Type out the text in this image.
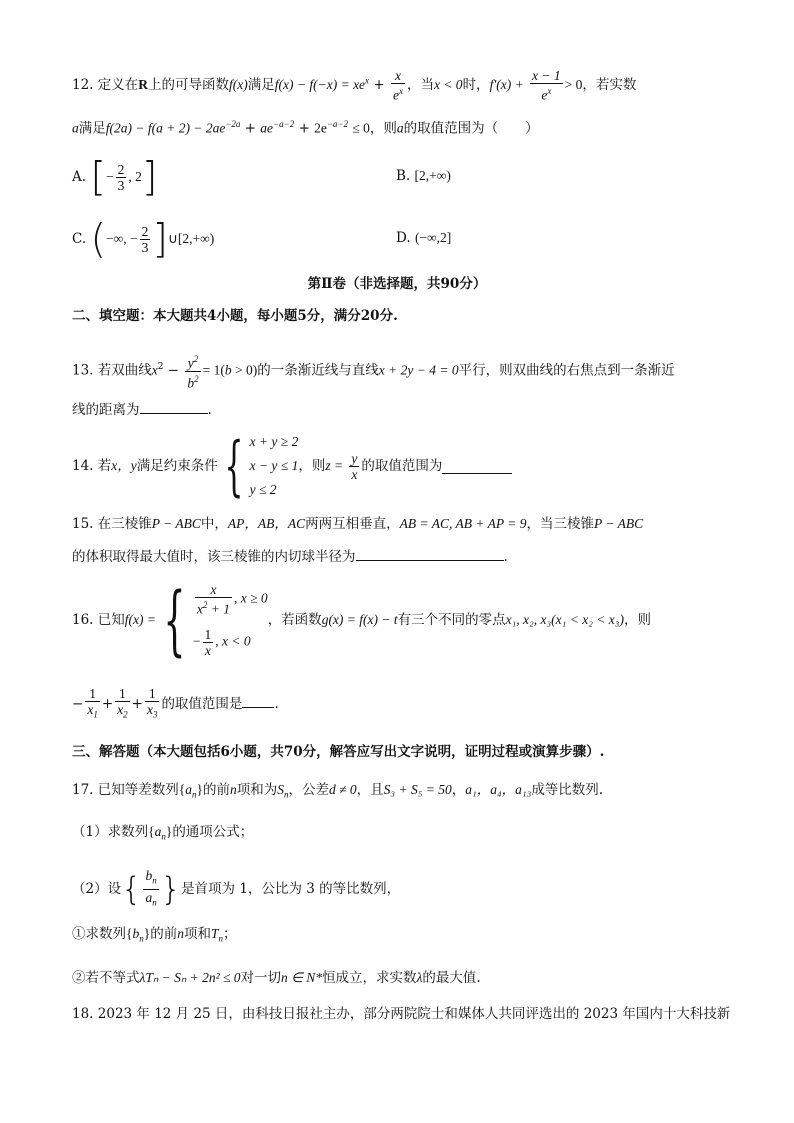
12. 定义在R上的可导函数f(x)满足$f(x) - f(-x) = xe^x + \frac{x}{e^x}$ ，当x < 0时，$f'(x) + \frac{x - 1}{e^x} > 0$，若实数
a满足$f(2a) - f(a + 2) - 2ae^{-2a} + ae^{-a-2} + 2e^{-a-2} \le 0$，则a的取值范围为（　　）
A. [− $\frac{2}{3}$ , 2]	B. [2,+∞)
C. (−∞, − $\frac{2}{3}$ ]∪[2,+∞)	D. (−∞,2]
第Ⅱ卷（非选择题，共90分）
二、填空题：本大题共4小题，每小题5分，满分20分.
13. 若双曲线$x^2 - \frac{y^2}{b^2} = 1(b > 0)$的一条渐近线与直线x + 2y − 4 = 0平行，则双曲线的右焦点到一条渐近
线的距离为	.
14. 若x，y满足约束条件 { x + y ≥ 2
x − y ≤ 1
y ≤ 2
，则$z = \frac{y}{x}$ 的取值范围为
15. 在三棱锥P − ABC中，AP，AB，AC两两互相垂直，AB = AC, AB + AP = 9，当三棱锥P − ABC
的体积取得最大值时，该三棱锥的内切球半径为	.
16. 已知f(x) = { $\frac{x}{x^2 + 1}$ , x ≥ 0
− $\frac{1}{x}$ , x < 0
，若函数g(x) = f(x) − t有三个不同的零点x₁, x₂, x₃(x₁ < x₂ < x₃)，则
− $\frac{1}{x_1} + \frac{1}{x_2} + \frac{1}{x_3}$ 的取值范围是 .
三、解答题（本大题包括6小题，共70分，解答应写出文字说明，证明过程或演算步骤）.
17. 已知等差数列$\{a_n\}$的前n项和为$S_n$，公差d ≠ 0，且S₃ + S₅ = 50，a₁，a₄，a₁₃成等比数列.
（1）求数列$\{a_n\}$的通项公式；
（2）设{ $\frac{b_n}{a_n}$ }是首项为 1，公比为 3 的等比数列，
①求数列$\{b_n\}$的前n项和$T_n$；
②若不等式λTₙ − Sₙ + 2n² ≤ 0对一切n ∈ N*恒成立，求实数λ的最大值.
18. 2023 年 12 月 25 日，由科技日报社主办，部分两院院士和媒体人共同评选出的 2023 年国内十大科技新
